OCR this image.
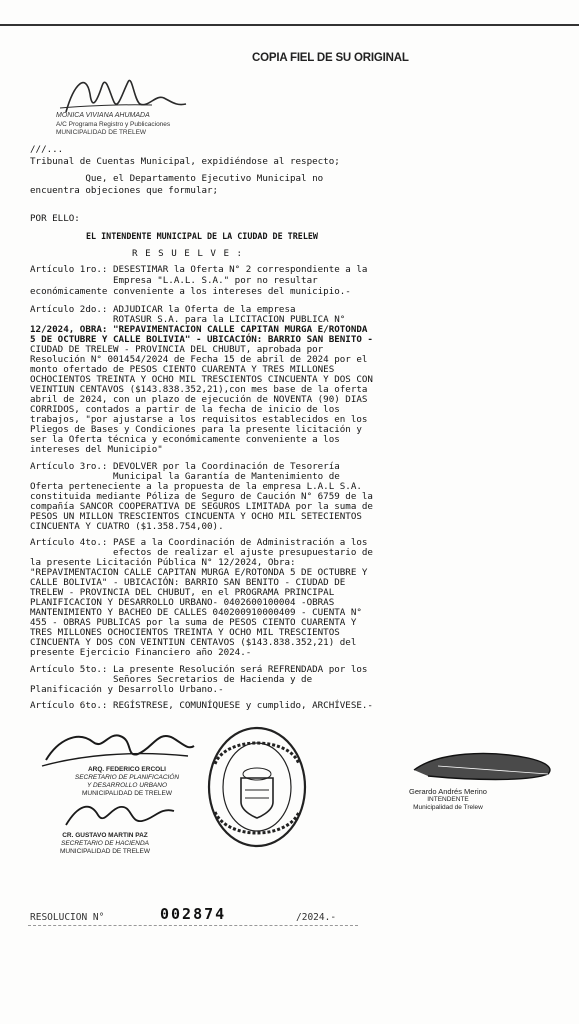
COPIA FIEL DE SU ORIGINAL
MONICA VIVIANA AHUMADA
A/C Programa Registro y Publicaciones
MUNICIPALIDAD DE TRELEW
///...
Tribunal de Cuentas Municipal, expidiéndose al respecto;
Que, el Departamento Ejecutivo Municipal no
encuentra objeciones que formular;
POR ELLO:
EL INTENDENTE MUNICIPAL DE LA CIUDAD DE TRELEW
R E S U E L V E :
Artículo 1ro.: DESESTIMAR la Oferta N° 2 correspondiente a la
Empresa "L.A.L. S.A." por no resultar
económicamente conveniente a los intereses del municipio.-
Artículo 2do.: ADJUDICAR la Oferta de la empresa
ROTASUR S.A. para la LICITACION PUBLICA N°
12/2024, OBRA: "REPAVIMENTACION CALLE CAPITAN MURGA E/ROTONDA
5 DE OCTUBRE Y CALLE BOLIVIA" - UBICACIÓN: BARRIO SAN BENITO -
CIUDAD DE TRELEW - PROVINCIA DEL CHUBUT, aprobada por
Resolución N° 001454/2024 de Fecha 15 de abril de 2024 por el
monto ofertado de PESOS CIENTO CUARENTA Y TRES MILLONES
OCHOCIENTOS TREINTA Y OCHO MIL TRESCIENTOS CINCUENTA Y DOS CON
VEINTIUN CENTAVOS ($143.838.352,21),con mes base de la oferta
abril de 2024, con un plazo de ejecución de NOVENTA (90) DIAS
CORRIDOS, contados a partir de la fecha de inicio de los
trabajos, "por ajustarse a los requisitos establecidos en los
Pliegos de Bases y Condiciones para la presente licitación y
ser la Oferta técnica y económicamente conveniente a los
intereses del Municipio"
Artículo 3ro.: DEVOLVER por la Coordinación de Tesorería
Municipal la Garantía de Mantenimiento de
Oferta perteneciente a la propuesta de la empresa L.A.L S.A.
constituida mediante Póliza de Seguro de Caución N° 6759 de la
compañía SANCOR COOPERATIVA DE SEGUROS LIMITADA por la suma de
PESOS UN MILLON TRESCIENTOS CINCUENTA Y OCHO MIL SETECIENTOS
CINCUENTA Y CUATRO ($1.358.754,00).
Artículo 4to.: PASE a la Coordinación de Administración a los
efectos de realizar el ajuste presupuestario de
la presente Licitación Pública N° 12/2024, Obra:
"REPAVIMENTACION CALLE CAPITAN MURGA E/ROTONDA 5 DE OCTUBRE Y
CALLE BOLIVIA" - UBICACIÓN: BARRIO SAN BENITO - CIUDAD DE
TRELEW - PROVINCIA DEL CHUBUT, en el PROGRAMA PRINCIPAL
PLANIFICACION Y DESARROLLO URBANO- 0402600100004 -OBRAS
MANTENIMIENTO Y BACHEO DE CALLES 040200910000409 - CUENTA N°
455 - OBRAS PUBLICAS por la suma de PESOS CIENTO CUARENTA Y
TRES MILLONES OCHOCIENTOS TREINTA Y OCHO MIL TRESCIENTOS
CINCUENTA Y DOS CON VEINTIUN CENTAVOS ($143.838.352,21) del
presente Ejercicio Financiero año 2024.-
Artículo 5to.: La presente Resolución será REFRENDADA por los
Señores Secretarios de Hacienda y de
Planificación y Desarrollo Urbano.-
Artículo 6to.: REGÍSTRESE, COMUNÍQUESE y cumplido, ARCHÍVESE.-
ARQ. FEDERICO ERCOLI
SECRETARIO DE PLANIFICACIÓN
Y DESARROLLO URBANO
MUNICIPALIDAD DE TRELEW
CR. GUSTAVO MARTIN PAZ
SECRETARIO DE HACIENDA
MUNICIPALIDAD DE TRELEW
Gerardo Andrés Merino
INTENDENTE
Municipalidad de Trelew
RESOLUCION N°	002874	/2024.-
